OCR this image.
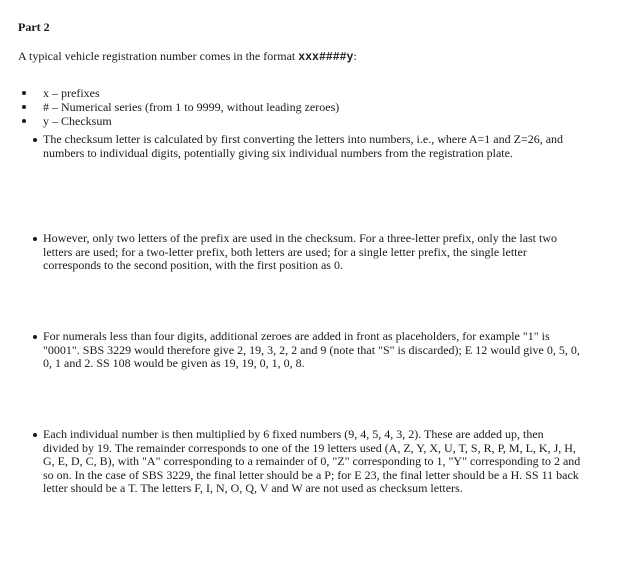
Part 2
A typical vehicle registration number comes in the format xxx####y:
x – prefixes
# – Numerical series (from 1 to 9999, without leading zeroes)
y – Checksum

The checksum letter is calculated by first converting the letters into numbers, i.e., where A=1 and Z=26, and numbers to individual digits, potentially giving six individual numbers from the registration plate.

However, only two letters of the prefix are used in the checksum. For a three-letter prefix, only the last two letters are used; for a two-letter prefix, both letters are used; for a single letter prefix, the single letter corresponds to the second position, with the first position as 0.

For numerals less than four digits, additional zeroes are added in front as placeholders, for example "1" is "0001". SBS 3229 would therefore give 2, 19, 3, 2, 2 and 9 (note that "S" is discarded); E 12 would give 0, 5, 0, 0, 1 and 2. SS 108 would be given as 19, 19, 0, 1, 0, 8.

Each individual number is then multiplied by 6 fixed numbers (9, 4, 5, 4, 3, 2). These are added up, then divided by 19. The remainder corresponds to one of the 19 letters used (A, Z, Y, X, U, T, S, R, P, M, L, K, J, H, G, E, D, C, B), with "A" corresponding to a remainder of 0, "Z" corresponding to 1, "Y" corresponding to 2 and so on. In the case of SBS 3229, the final letter should be a P; for E 23, the final letter should be a H. SS 11 back letter should be a T. The letters F, I, N, O, Q, V and W are not used as checksum letters.
